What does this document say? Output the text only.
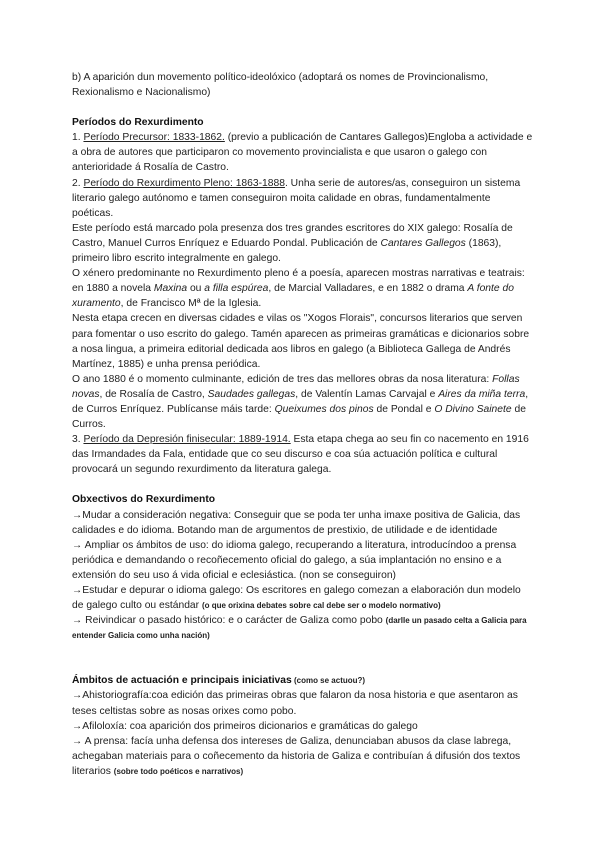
b) A aparición dun movemento político-ideolóxico (adoptará os nomes de Provincionalismo, Rexionalismo e Nacionalismo)

Períodos do Rexurdimento

1. Período Precursor: 1833-1862. (previo a publicación de Cantares Gallegos)Engloba a actividade e a obra de autores que participaron co movemento provincialista e que usaron o galego con anterioridade á Rosalía de Castro.

2. Período do Rexurdimento Pleno: 1863-1888. Unha serie de autores/as, conseguiron un sistema literario galego autónomo e tamen conseguiron moita calidade en obras, fundamentalmente poéticas.

Este período está marcado pola presenza dos tres grandes escritores do XIX galego: Rosalía de Castro, Manuel Curros Enríquez e Eduardo Pondal. Publicación de Cantares Gallegos (1863), primeiro libro escrito integralmente en galego.

O xénero predominante no Rexurdimento pleno é a poesía, aparecen mostras narrativas e teatrais: en 1880 a novela Maxina ou a filla espúrea, de Marcial Valladares, e en 1882 o drama A fonte do xuramento, de Francisco Mª de la Iglesia.

Nesta etapa crecen en diversas cidades e vilas os "Xogos Florais", concursos literarios que serven para fomentar o uso escrito do galego. Tamén aparecen as primeiras gramáticas e dicionarios sobre a nosa lingua, a primeira editorial dedicada aos libros en galego (a Biblioteca Gallega de Andrés Martínez, 1885) e unha prensa periódica.

O ano 1880 é o momento culminante, edición de tres das mellores obras da nosa literatura: Follas novas, de Rosalía de Castro, Saudades gallegas, de Valentín Lamas Carvajal e Aires da miña terra, de Curros Enríquez. Publícanse máis tarde: Queixumes dos pinos de Pondal e O Divino Sainete de Curros.

3. Período da Depresión finisecular: 1889-1914. Esta etapa chega ao seu fin co nacemento en 1916 das Irmandades da Fala, entidade que co seu discurso e coa súa actuación política e cultural provocará un segundo rexurdimento da literatura galega.

Obxectivos do Rexurdimento

→Mudar a consideración negativa: Conseguir que se poda ter unha imaxe positiva de Galicia, das calidades e do idioma. Botando man de argumentos de prestixio, de utilidade e de identidade

→ Ampliar os ámbitos de uso: do idioma galego, recuperando a literatura, introducíndoo a prensa periódica e demandando o recoñecemento oficial do galego, a súa implantación no ensino e a extensión do seu uso á vida oficial e eclesiástica. (non se conseguiron)

→Estudar e depurar o idioma galego: Os escritores en galego comezan a elaboración dun modelo de galego culto ou estándar (o que orixina debates sobre cal debe ser o modelo normativo)

→ Reivindicar o pasado histórico: e o carácter de Galiza como pobo (darlle un pasado celta a Galicia para entender Galicia como unha nación)

Ámbitos de actuación e principais iniciativas (como se actuou?)

→Ahistoriografía:coa edición das primeiras obras que falaron da nosa historia e que asentaron as teses celtistas sobre as nosas orixes como pobo.

→Afiloloxía: coa aparición dos primeiros dicionarios e gramáticas do galego

→ A prensa: facía unha defensa dos intereses de Galiza, denunciaban abusos da clase labrega, achegaban materiais para o coñecemento da historia de Galiza e contribuían á difusión dos textos literarios (sobre todo poéticos e narrativos)
